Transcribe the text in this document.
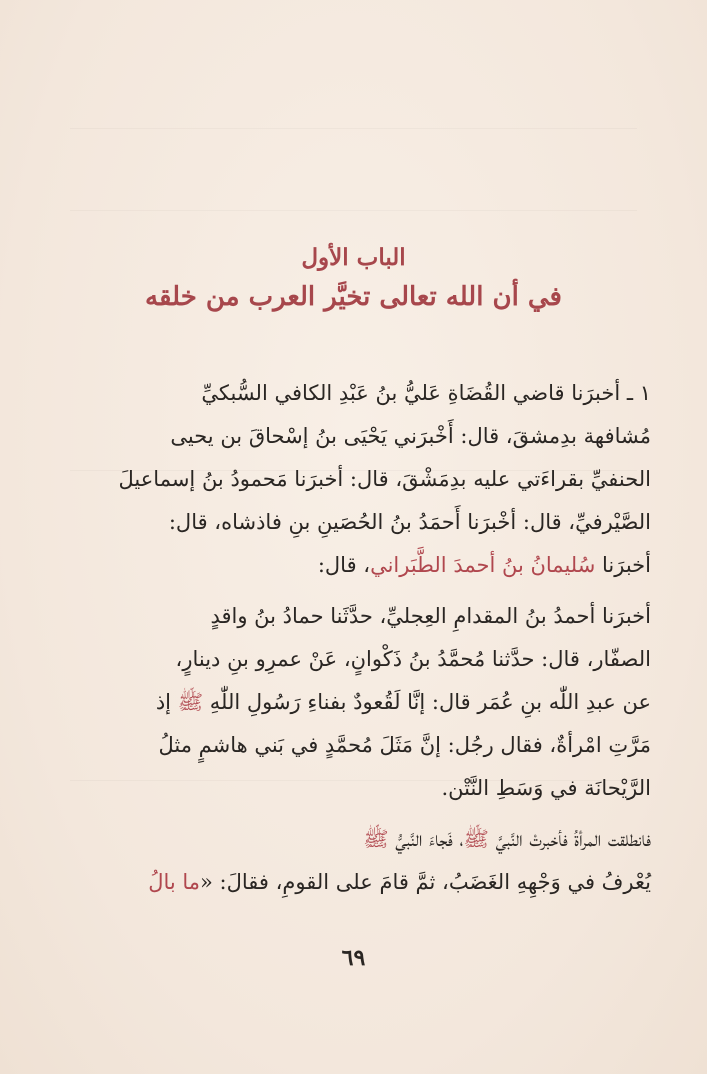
الباب الأول
في أن الله تعالى تخيَّر العرب من خلقه

١ ـ أخبرَنا قاضي القُضَاةِ عَليُّ بنُ عَبْدِ الكافي السُّبكيِّ
مُشافهة بدِمشقَ، قال: أَخْبرَني يَحْيَى بنُ إسْحاقَ بن يحيى
الحنفيِّ بقراءَتي عليه بدِمَشْقَ، قال: أخبرَنا مَحمودُ بنُ إسماعيلَ
الصَّيْرفيِّ، قال: أخْبرَنا أَحمَدُ بنُ الحُصَينِ بنِ فاذشاه، قال:
أخبرَنا سُليمانُ بنُ أحمدَ الطَّبَراني، قال:

أخبرَنا أحمدُ بنُ المقدامِ العِجليِّ، حدَّثَنا حمادُ بنُ واقدٍ
الصفّار، قال: حدَّثنا مُحمَّدُ بنُ ذَكْوانٍ، عَنْ عمرِو بنِ دينارٍ،
عن عبدِ اللّٰه بنِ عُمَر قال: إنَّا لَقُعودٌ بفناءِ رَسُولِ اللّٰهِ ﷺ إذ
مَرَّتِ امْرأةٌ، فقال رجُل: إنَّ مَثَلَ مُحمَّدٍ في بَني هاشمٍ مثلُ
الرَّيْحانَة في وَسَطِ النَّتْن.

فانطلقت المرأةُ فأخبرتْ النَّبيَّ ﷺ، فَجاءَ النَّبيُّ ﷺ
يُعْرفُ في وَجْهِهِ الغَضَبُ، ثمَّ قامَ على القومِ، فقالَ: «ما بالُ

٦٩
